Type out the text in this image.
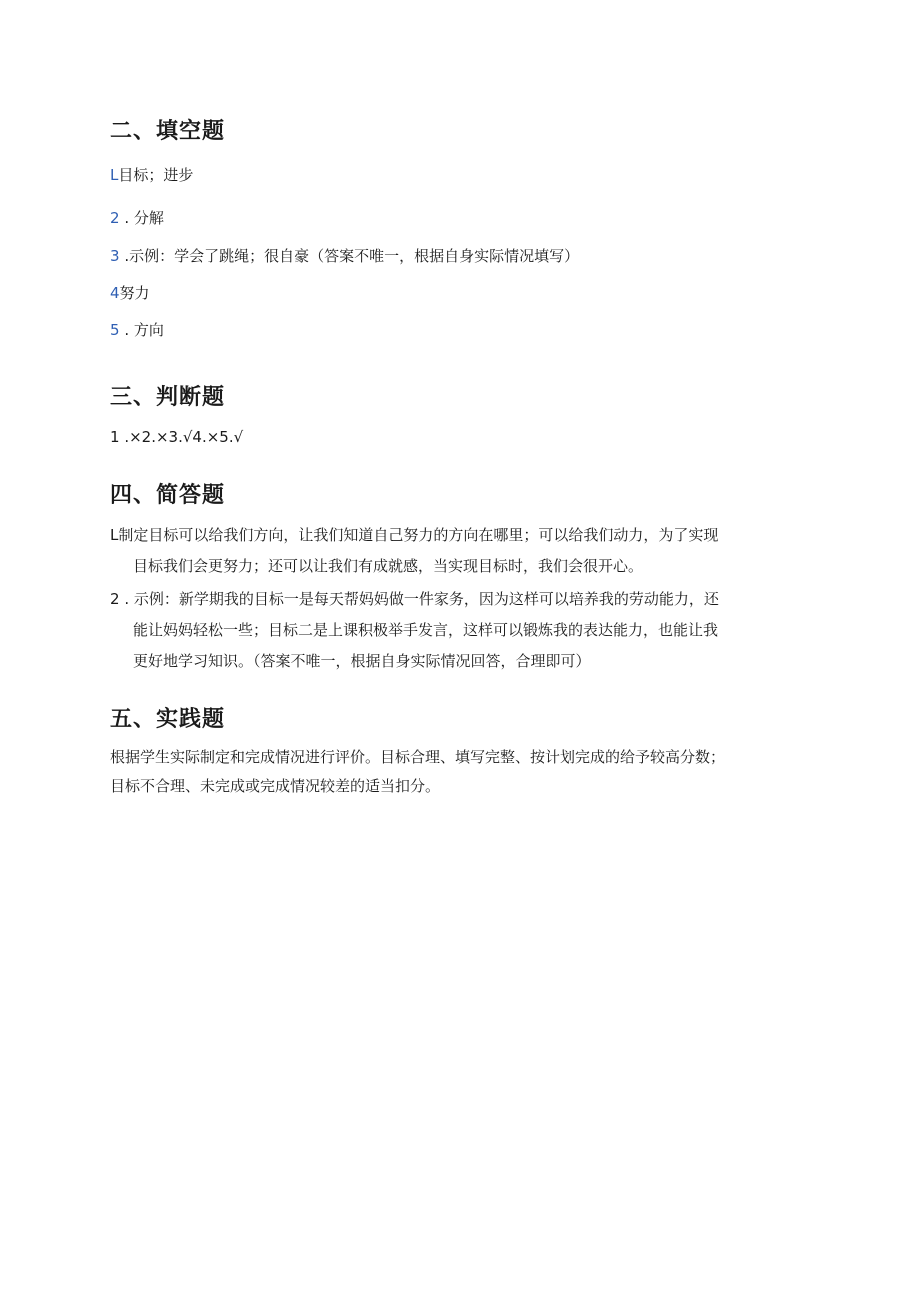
二、填空题
L目标；进步
2 . 分解
3 .示例：学会了跳绳；很自豪（答案不唯一，根据自身实际情况填写）
4努力
5 . 方向
三、判断题
1 .×2.×3.√4.×5.√
四、简答题
L制定目标可以给我们方向，让我们知道自己努力的方向在哪里；可以给我们动力，为了实现
目标我们会更努力；还可以让我们有成就感，当实现目标时，我们会很开心。
2 . 示例：新学期我的目标一是每天帮妈妈做一件家务，因为这样可以培养我的劳动能力，还
能让妈妈轻松一些；目标二是上课积极举手发言，这样可以锻炼我的表达能力，也能让我
更好地学习知识。（答案不唯一，根据自身实际情况回答，合理即可）
五、实践题
根据学生实际制定和完成情况进行评价。目标合理、填写完整、按计划完成的给予较高分数；
目标不合理、未完成或完成情况较差的适当扣分。
